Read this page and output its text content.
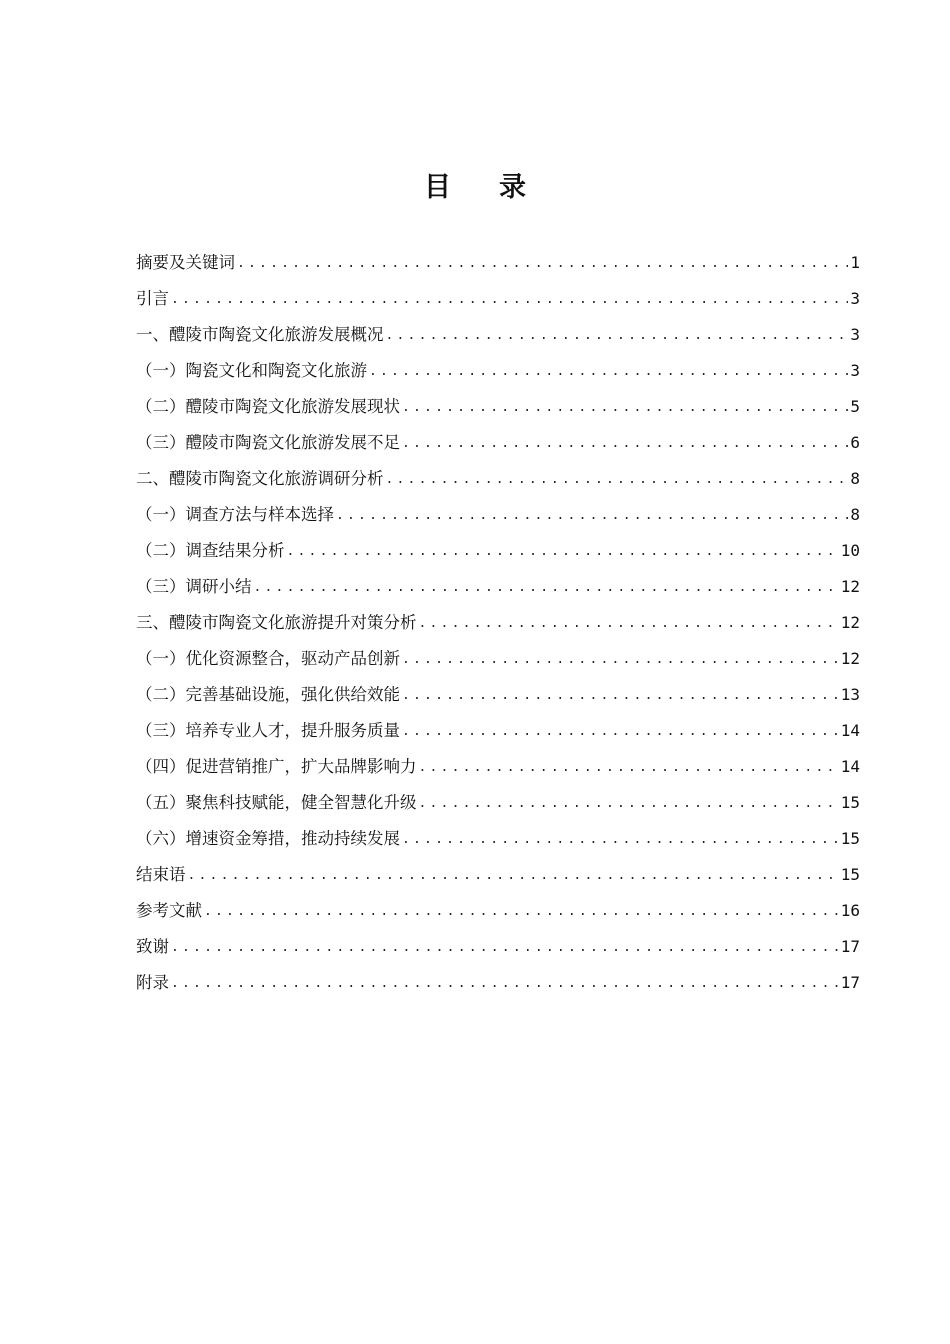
目录
摘要及关键词 .....	1
引言 .....	3
一、醴陵市陶瓷文化旅游发展概况 .....	3
（一）陶瓷文化和陶瓷文化旅游 .....	3
（二）醴陵市陶瓷文化旅游发展现状 .....	5
（三）醴陵市陶瓷文化旅游发展不足 .....	6
二、醴陵市陶瓷文化旅游调研分析 .....	8
（一）调查方法与样本选择 .....	8
（二）调查结果分析 .....	10
（三）调研小结 .....	12
三、醴陵市陶瓷文化旅游提升对策分析 .....	12
（一）优化资源整合，驱动产品创新 .....	12
（二）完善基础设施，强化供给效能 .....	13
（三）培养专业人才，提升服务质量 .....	14
（四）促进营销推广，扩大品牌影响力 .....	14
（五）聚焦科技赋能，健全智慧化升级 .....	15
（六）增速资金筹措，推动持续发展 .....	15
结束语 .....	15
参考文献 .....	16
致谢 .....	17
附录 .....	17
